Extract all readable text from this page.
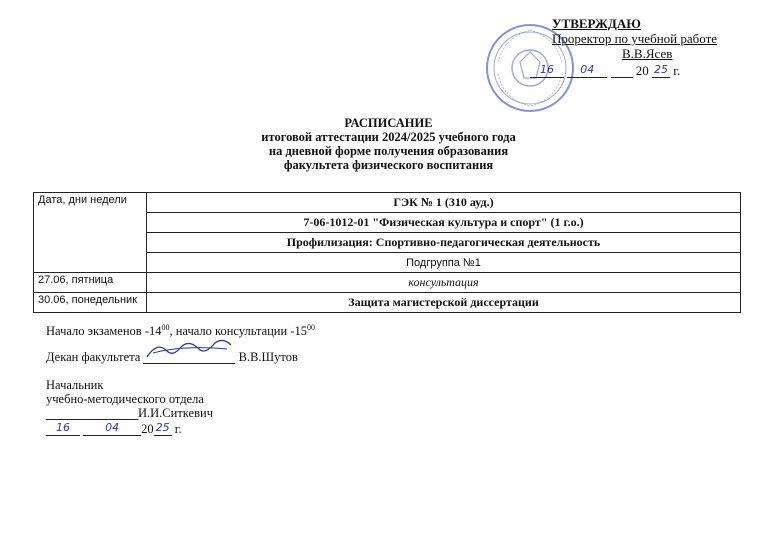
УТВЕРЖДАЮ
Проректор по учебной работе
В.В.Ясев
16 04	20 25 г.
РАСПИСАНИЕ
итоговой аттестации 2024/2025 учебного года
на дневной форме получения образования
факультета физического воспитания
Дата, дни недели	ГЭК № 1 (310 ауд.)
	7-06-1012-01 "Физическая культура и спорт" (1 г.о.)
	Профилизация: Спортивно-педагогическая деятельность
	Подгруппа №1
27.06, пятница	консультация
30.06, понедельник	Защита магистерской диссертации
Начало экзаменов $-14^{00}$, начало консультации $-15^{00}$
Декан факультета	В.В.Шутов
Начальник
учебно-методического отдела
И.И.Ситкевич
16	04 20 25 г.
